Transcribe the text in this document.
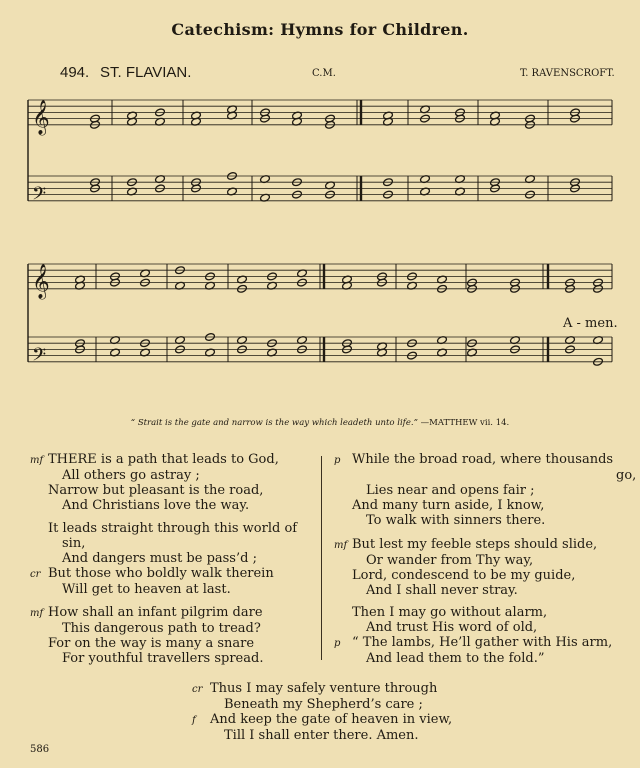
Catechism: Hymns for Children.
494. ST. FLAVIAN.	C.M.	T. RAVENSCROFT.
𝄞
𝄢
𝄞
𝄢
A - men.
“ Strait is the gate and narrow is the way which leadeth unto life.” —MATTHEW vii. 14.
mf THERE is a path that leads to God,
All others go astray ;
Narrow but pleasant is the road,
And Christians love the way.
It leads straight through this world of
sin,
And dangers must be pass’d ;
cr But those who boldly walk therein
Will get to heaven at last.
mf How shall an infant pilgrim dare
This dangerous path to tread?
For on the way is many a snare
For youthful travellers spread.
p While the broad road, where thousands
go,
Lies near and opens fair ;
And many turn aside, I know,
To walk with sinners there.
mf But lest my feeble steps should slide,
Or wander from Thy way,
Lord, condescend to be my guide,
And I shall never stray.
Then I may go without alarm,
And trust His word of old,
p “ The lambs, He’ll gather with His arm,
And lead them to the fold.”
cr Thus I may safely venture through
Beneath my Shepherd’s care ;
f And keep the gate of heaven in view,
Till I shall enter there. Amen.
586
